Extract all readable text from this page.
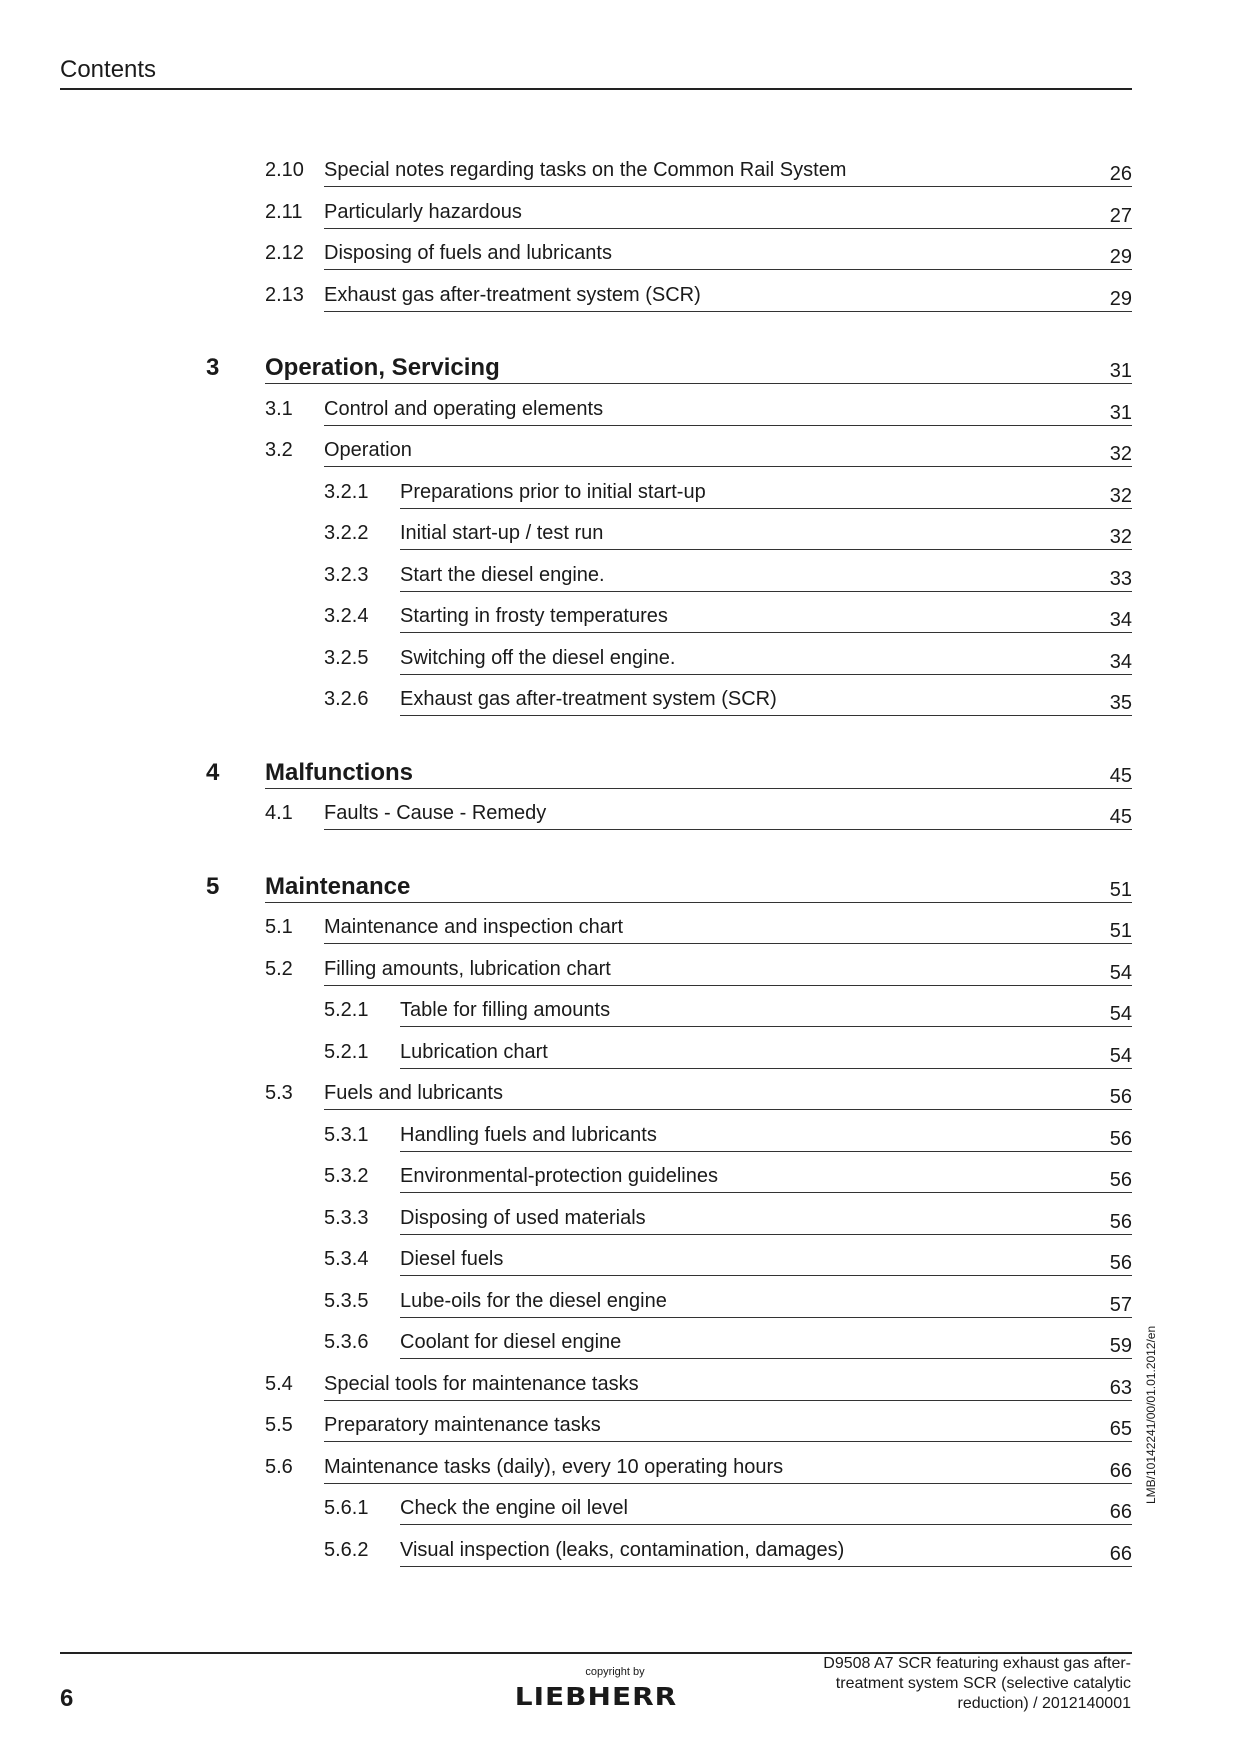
Contents
2.10 Special notes regarding tasks on the Common Rail System	26
2.11 Particularly hazardous	27
2.12 Disposing of fuels and lubricants	29
2.13 Exhaust gas after-treatment system (SCR)	29
3 Operation, Servicing	31
3.1 Control and operating elements	31
3.2 Operation	32
3.2.1 Preparations prior to initial start-up	32
3.2.2 Initial start-up / test run	32
3.2.3 Start the diesel engine.	33
3.2.4 Starting in frosty temperatures	34
3.2.5 Switching off the diesel engine.	34
3.2.6 Exhaust gas after-treatment system (SCR)	35
4 Malfunctions	45
4.1 Faults - Cause - Remedy	45
5 Maintenance	51
5.1 Maintenance and inspection chart	51
5.2 Filling amounts, lubrication chart	54
5.2.1 Table for filling amounts	54
5.2.1 Lubrication chart	54
5.3 Fuels and lubricants	56
5.3.1 Handling fuels and lubricants	56
5.3.2 Environmental-protection guidelines	56
5.3.3 Disposing of used materials	56
5.3.4 Diesel fuels	56
5.3.5 Lube-oils for the diesel engine	57
5.3.6 Coolant for diesel engine	59
5.4 Special tools for maintenance tasks	63
5.5 Preparatory maintenance tasks	65
5.6 Maintenance tasks (daily), every 10 operating hours	66
5.6.1 Check the engine oil level	66
5.6.2 Visual inspection (leaks, contamination, damages)	66
LMB/10142241/00/01.01.2012/en
6
copyright by
LIEBHERR
D9508 A7 SCR featuring exhaust gas after-
treatment system SCR (selective catalytic
reduction) / 2012140001
